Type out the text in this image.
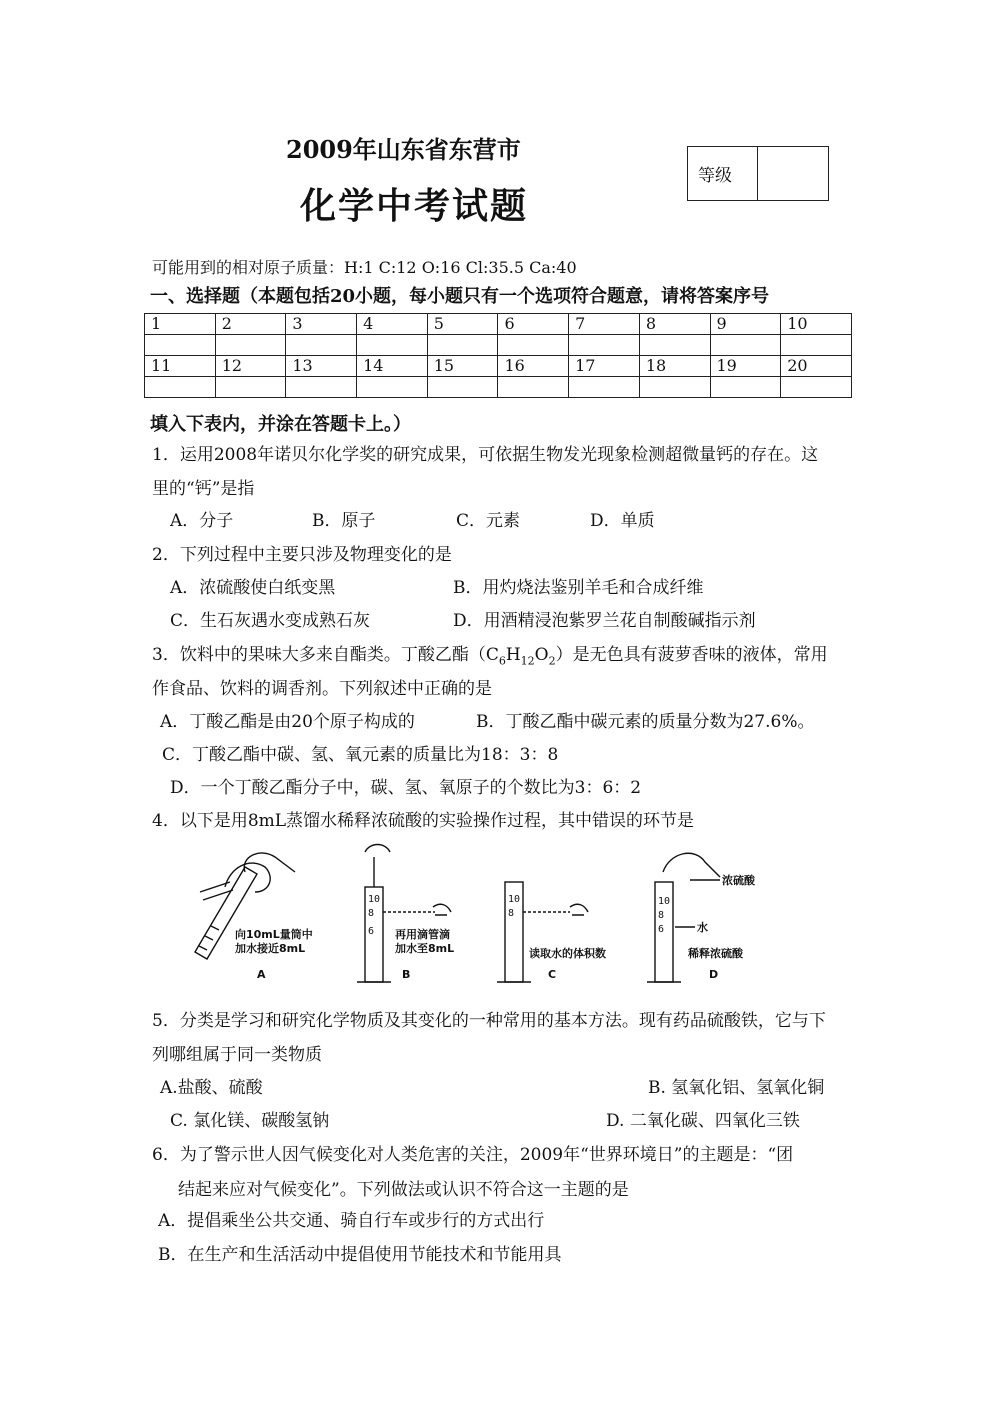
2009年山东省东营市
化学中考试题
等级
可能用到的相对原子质量：H:1 C:12 O:16 Cl:35.5 Ca:40
一、选择题（本题包括20小题，每小题只有一个选项符合题意，请将答案序号
1	2	3	4	5	6	7	8	9	10

11	12	13	14	15	16	17	18	19	20

填入下表内，并涂在答题卡上。）
1．运用2008年诺贝尔化学奖的研究成果，可依据生物发光现象检测超微量钙的存在。这
里的“钙”是指
A．分子	B．原子	C．元素	D．单质
2．下列过程中主要只涉及物理变化的是
A．浓硫酸使白纸变黑	B．用灼烧法鉴别羊毛和合成纤维
C．生石灰遇水变成熟石灰	D．用酒精浸泡紫罗兰花自制酸碱指示剂
3．饮料中的果味大多来自酯类。丁酸乙酯$(C_6H_{12}O_2)$是无色具有菠萝香味的液体，常用
作食品、饮料的调香剂。下列叙述中正确的是
A．丁酸乙酯是由20个原子构成的	B．丁酸乙酯中碳元素的质量分数为27.6%。
C．丁酸乙酯中碳、氢、氧元素的质量比为18：3：8
D．一个丁酸乙酯分子中，碳、氢、氧原子的个数比为3：6：2
4．以下是用8mL蒸馏水稀释浓硫酸的实验操作过程，其中错误的环节是
10
8
6
10
8
10
8
6
向10mL量筒中
加水接近8mL
再用滴管滴
加水至8mL	读取水的体积数
浓硫酸
水
稀释浓硫酸
A	B	C	D
5．分类是学习和研究化学物质及其变化的一种常用的基本方法。现有药品硫酸铁，它与下
列哪组属于同一类物质
A.盐酸、硫酸	B. 氢氧化铝、氢氧化铜
C. 氯化镁、碳酸氢钠	D. 二氧化碳、四氧化三铁
6．为了警示世人因气候变化对人类危害的关注，2009年“世界环境日”的主题是：“团
结起来应对气候变化”。下列做法或认识不符合这一主题的是
A．提倡乘坐公共交通、骑自行车或步行的方式出行
B．在生产和生活活动中提倡使用节能技术和节能用具
